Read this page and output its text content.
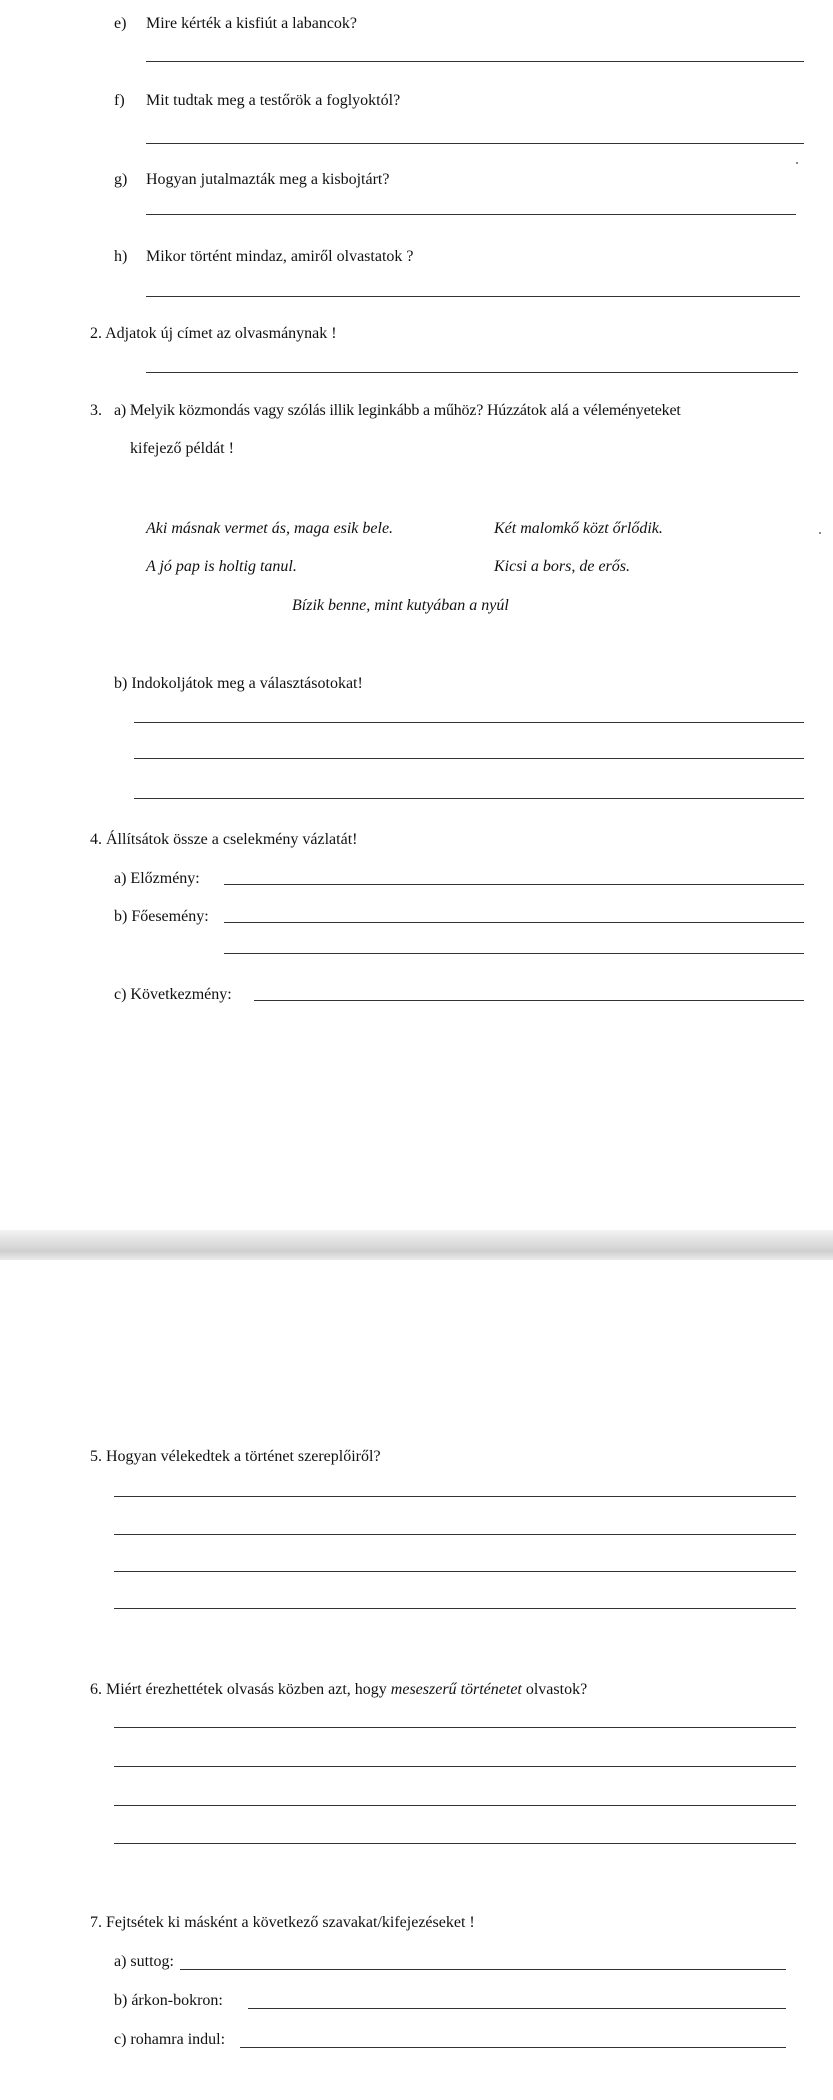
e) Mire kérték a kisfiút a labancok?
f) Mit tudtak meg a testőrök a foglyoktól?
g) Hogyan jutalmazták meg a kisbojtárt?
h) Mikor történt mindaz, amiről olvastatok ?
2. Adjatok új címet az olvasmánynak !
3. a) Melyik közmondás vagy szólás illik leginkább a műhöz? Húzzátok alá a véleményeteket
kifejező példát !
Aki másnak vermet ás, maga esik bele.	Két malomkő közt őrlődik.
A jó pap is holtig tanul.	Kicsi a bors, de erős.
Bízik benne, mint kutyában a nyúl
b) Indokoljátok meg a választásotokat!
4. Állítsátok össze a cselekmény vázlatát!
a) Előzmény:
b) Főesemény:
c) Következmény:
5. Hogyan vélekedtek a történet szereplőiről?
6. Miért érezhettétek olvasás közben azt, hogy meseszerű történetet olvastok?
7. Fejtsétek ki másként a következő szavakat/kifejezéseket !
a) suttog:
b) árkon-bokron:
c) rohamra indul:
